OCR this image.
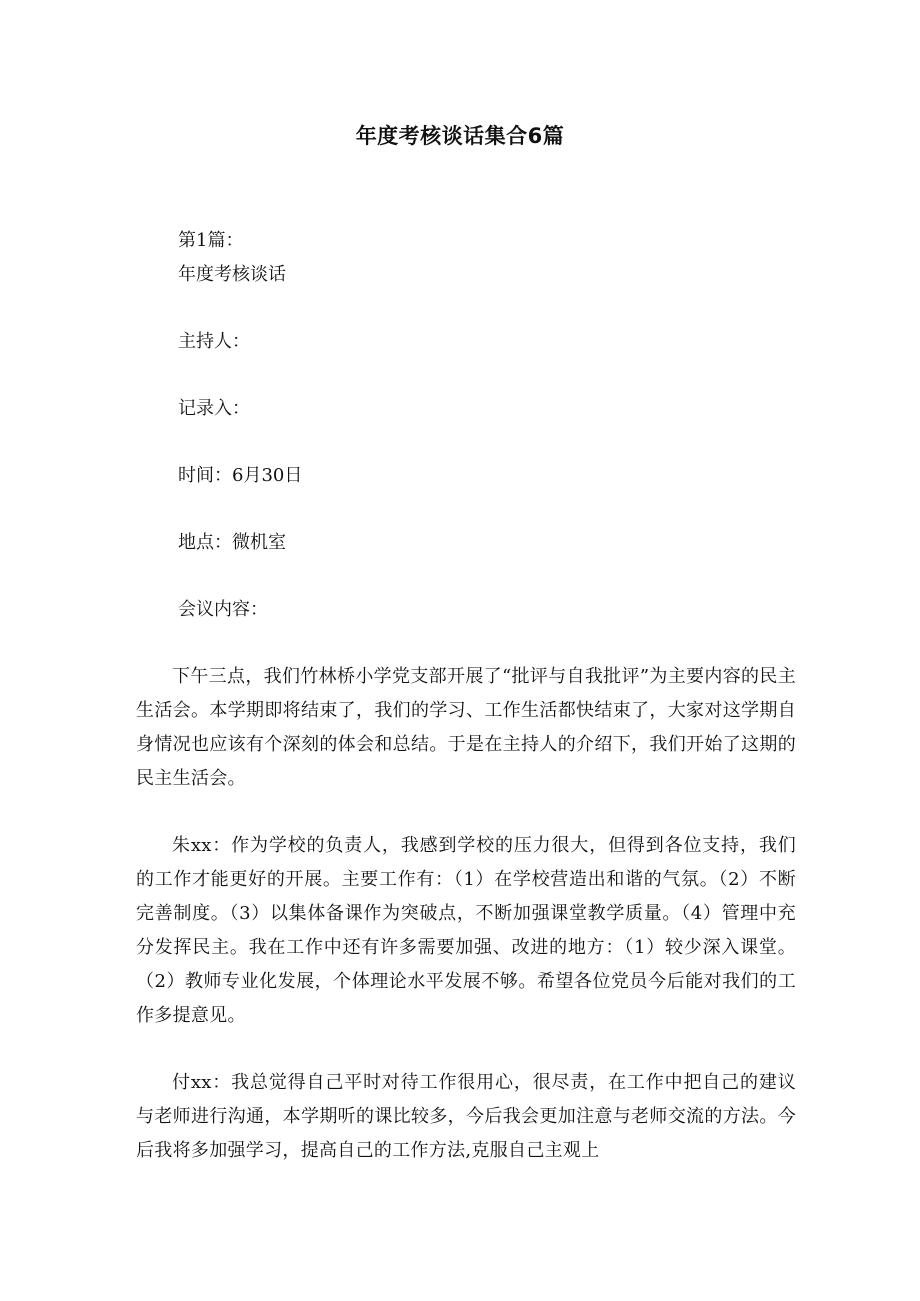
年度考核谈话集合6篇

第1篇：

年度考核谈话

主持人：

记录入：

时间：6月30日

地点：微机室

会议内容：

下午三点，我们竹林桥小学党支部开展了“批评与自我批评”为主要内容的民主生活会。本学期即将结束了，我们的学习、工作生活都快结束了，大家对这学期自身情况也应该有个深刻的体会和总结。于是在主持人的介绍下，我们开始了这期的民主生活会。

朱xx：作为学校的负责人，我感到学校的压力很大，但得到各位支持，我们的工作才能更好的开展。主要工作有：（1）在学校营造出和谐的气氛。（2）不断完善制度。（3）以集体备课作为突破点，不断加强课堂教学质量。（4）管理中充分发挥民主。我在工作中还有许多需要加强、改进的地方：（1）较少深入课堂。（2）教师专业化发展，个体理论水平发展不够。希望各位党员今后能对我们的工作多提意见。

付xx：我总觉得自己平时对待工作很用心，很尽责，在工作中把自己的建议与老师进行沟通，本学期听的课比较多，今后我会更加注意与老师交流的方法。今后我将多加强学习，提高自己的工作方法,克服自己主观上
